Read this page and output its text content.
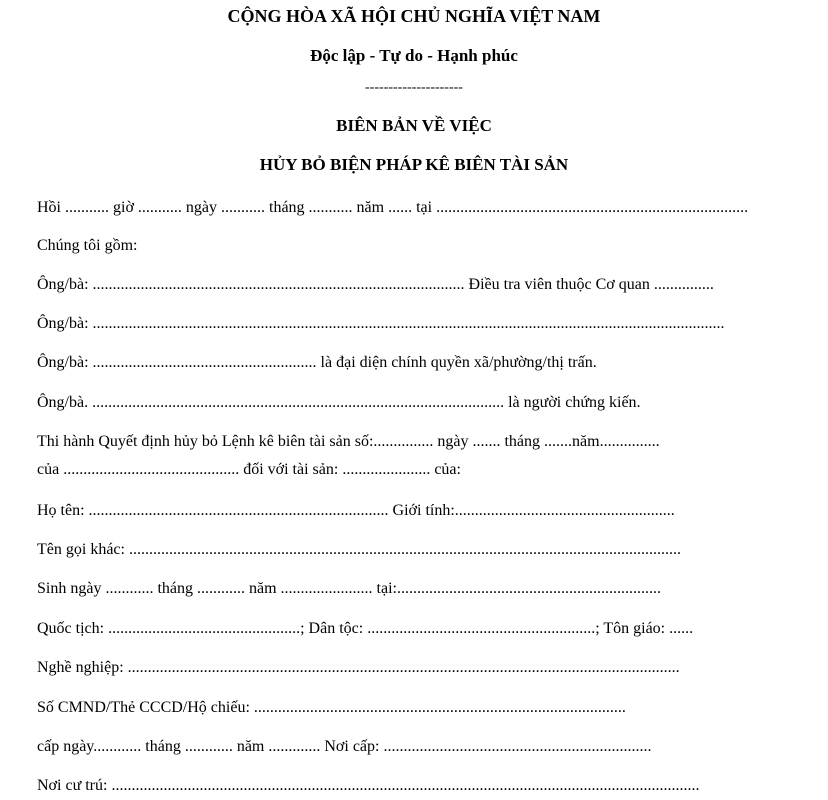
CỘNG HÒA XÃ HỘI CHỦ NGHĨA VIỆT NAM
Độc lập - Tự do - Hạnh phúc
---------------------
BIÊN BẢN VỀ VIỆC
HỦY BỎ BIỆN PHÁP KÊ BIÊN TÀI SẢN
Hồi ........... giờ ........... ngày ........... tháng ........... năm ...... tại ..............................................................................
Chúng tôi gồm:
Ông/bà: ............................................................................................. Điều tra viên thuộc Cơ quan ...............
Ông/bà: ..............................................................................................................................................................
Ông/bà: ........................................................ là đại diện chính quyền xã/phường/thị trấn.
Ông/bà. ....................................................................................................... là người chứng kiến.
Thi hành Quyết định hủy bỏ Lệnh kê biên tài sản số:............... ngày ....... tháng .......năm...............
của ............................................ đối với tài sản: ...................... của:
Họ tên: ........................................................................... Giới tính:.......................................................
Tên gọi khác: ..........................................................................................................................................
Sinh ngày ............ tháng ............ năm ....................... tại:..................................................................
Quốc tịch: ................................................; Dân tộc: .........................................................; Tôn giáo: ......
Nghề nghiệp: ..........................................................................................................................................
Số CMND/Thẻ CCCD/Hộ chiếu: .............................................................................................
cấp ngày............ tháng ............ năm ............. Nơi cấp: ...................................................................
Nơi cư trú: ...................................................................................................................................................
